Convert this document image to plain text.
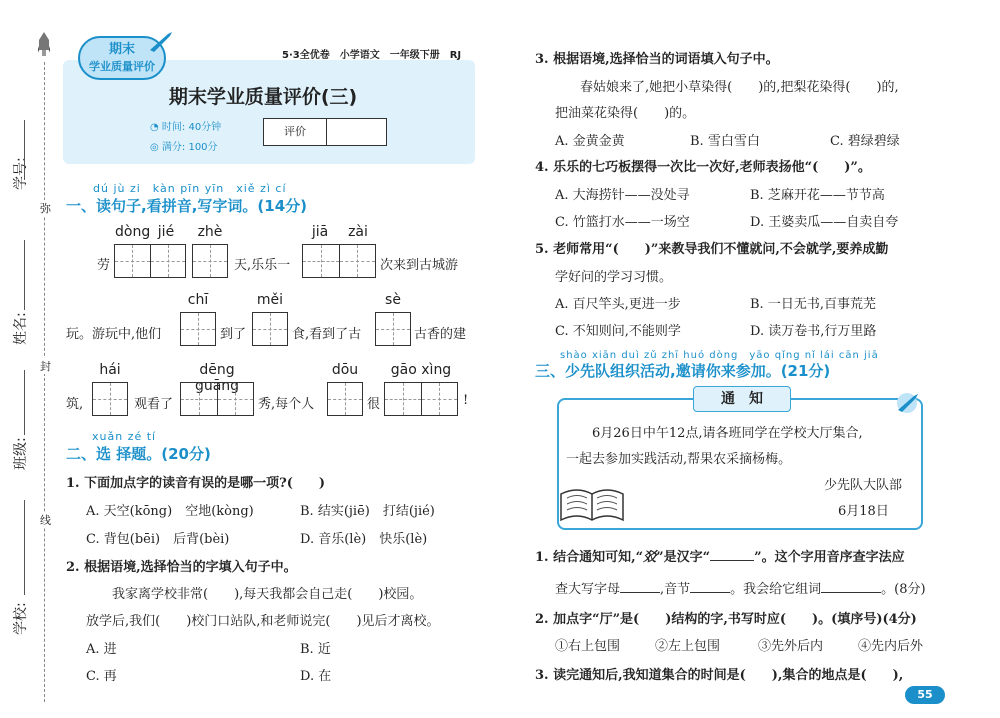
弥
封
线
学号:
姓名:
班级:
学校:
期末
学业质量评价
5·3全优卷　小学语文　一年级下册　RJ
期末学业质量评价(三)
◔ 时间: 40分钟
◎ 满分: 100分
评价
dú jù zi　kàn pīn yīn　xiě zì cí
一、读句子,看拼音,写字词。(14分)
dòng jié	zhè	jiā	zài
劳	天,乐乐一	次来到古城游
chī	měi	sè
玩。游玩中,他们	到了	食,看到了古	古香的建
hái	dēng guāng
dōu	gāo xìng
筑,	观看了	秀,每个人	很	!
xuǎn zé tí
二、选 择题。(20分)
1. 下面加点字的读音有误的是哪一项?(　　)
A. 天空(kōng)　空地(kòng)	B. 结实(jiē)　打结(jié)
C. 背包(bēi)　后背(bèi)	D. 音乐(lè)　快乐(lè)
2. 根据语境,选择恰当的字填入句子中。
我家离学校非常(　　),每天我都会自己走(　　)校园。
放学后,我们(　　)校门口站队,和老师说完(　　)见后才离校。
A. 进	B. 近
C. 再	D. 在
3. 根据语境,选择恰当的词语填入句子中。
春姑娘来了,她把小草染得(　　)的,把梨花染得(　　)的,
把油菜花染得(　　)的。
A. 金黄金黄	B. 雪白雪白	C. 碧绿碧绿
4. 乐乐的七巧板摆得一次比一次好,老师表扬他“(　　)”。
A. 大海捞针——没处寻	B. 芝麻开花——节节高
C. 竹篮打水——一场空	D. 王婆卖瓜——自卖自夸
5. 老师常用“(　　)”来教导我们不懂就问,不会就学,要养成勤
学好问的学习习惯。
A. 百尺竿头,更进一步	B. 一日无书,百事荒芜
C. 不知则问,不能则学	D. 读万卷书,行万里路
shào xiān duì zǔ zhī huó dòng　yāo qǐng nǐ lái cān jiā
三、少先队组织活动,邀请你来参加。(21分)
通　知
6月26日中午12点,请各班同学在学校大厅集合,
一起去参加实践活动,帮果农采摘杨梅。
少先队大队部
6月18日
1. 结合通知可知,“㸚”是汉字“	”。这个字用音序查字法应
查大写字母	,音节	。我会给它组词	。(8分)
2. 加点字“厅”是(　　)结构的字,书写时应(　　)。(填序号)(4分)
①右上包围	②左上包围	③先外后内	④先内后外
3. 读完通知后,我知道集合的时间是(　　),集合的地点是(　　),
55
